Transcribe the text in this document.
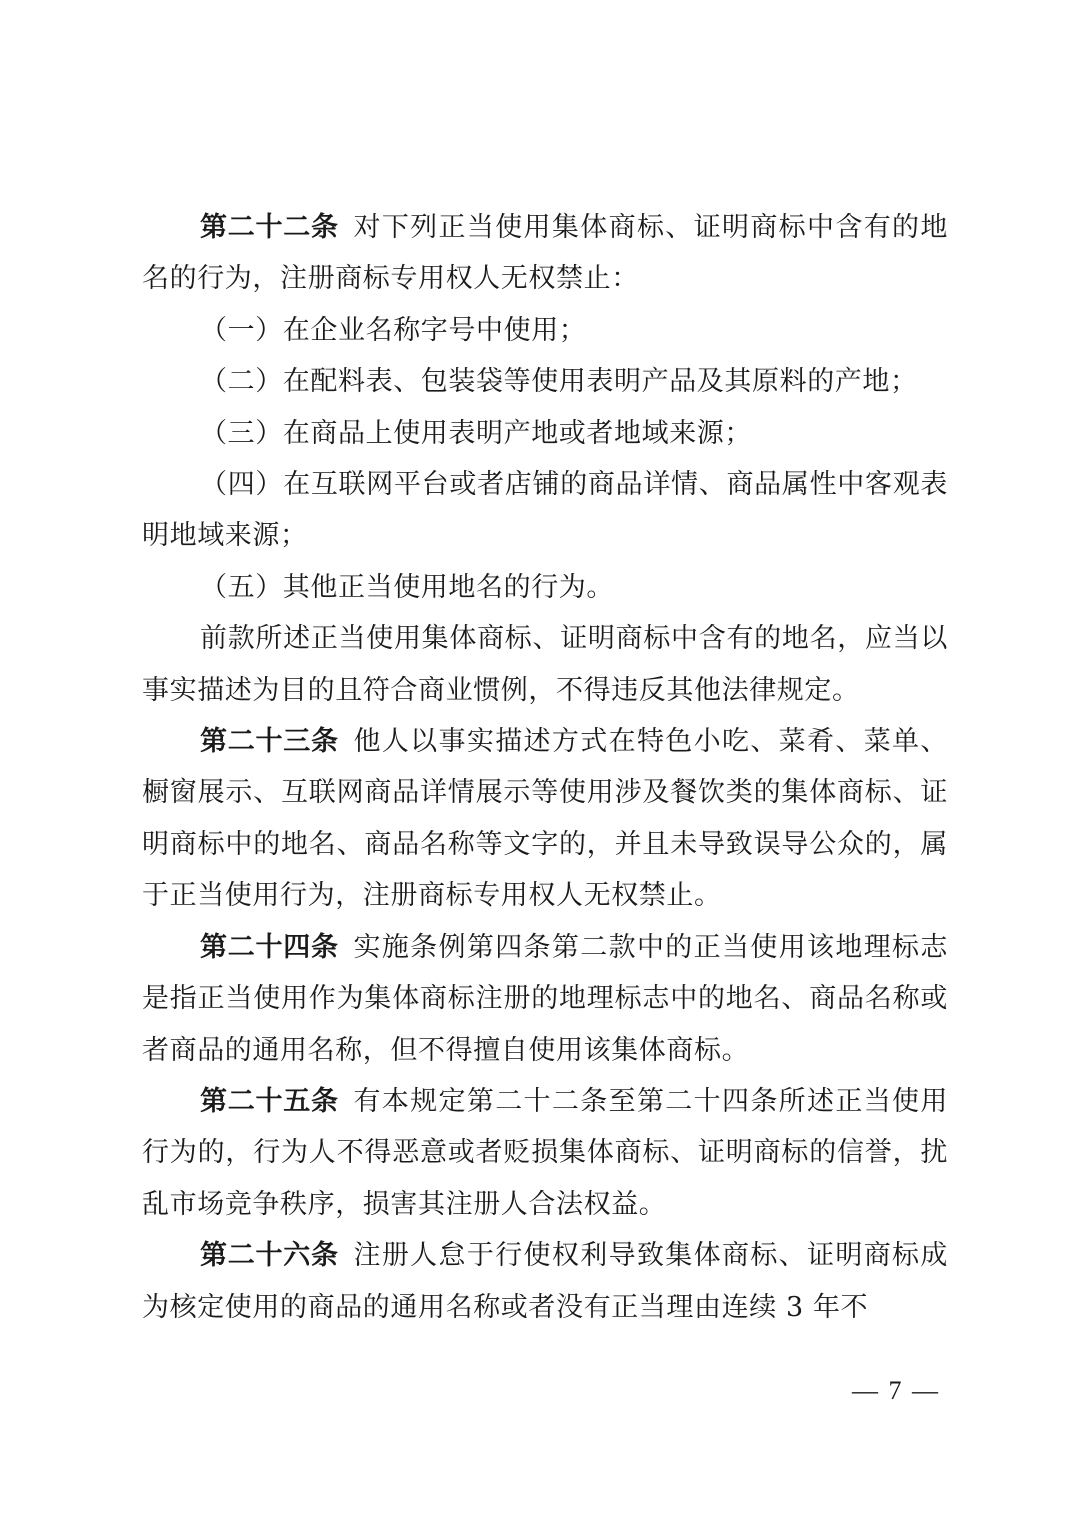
第二十二条 对下列正当使用集体商标、证明商标中含有的地名的行为，注册商标专用权人无权禁止：

（一）在企业名称字号中使用；

（二）在配料表、包装袋等使用表明产品及其原料的产地；

（三）在商品上使用表明产地或者地域来源；

（四）在互联网平台或者店铺的商品详情、商品属性中客观表明地域来源；

（五）其他正当使用地名的行为。

前款所述正当使用集体商标、证明商标中含有的地名，应当以事实描述为目的且符合商业惯例，不得违反其他法律规定。

第二十三条 他人以事实描述方式在特色小吃、菜肴、菜单、橱窗展示、互联网商品详情展示等使用涉及餐饮类的集体商标、证明商标中的地名、商品名称等文字的，并且未导致误导公众的，属于正当使用行为，注册商标专用权人无权禁止。

第二十四条 实施条例第四条第二款中的正当使用该地理标志是指正当使用作为集体商标注册的地理标志中的地名、商品名称或者商品的通用名称，但不得擅自使用该集体商标。

第二十五条 有本规定第二十二条至第二十四条所述正当使用行为的，行为人不得恶意或者贬损集体商标、证明商标的信誉，扰乱市场竞争秩序，损害其注册人合法权益。

第二十六条 注册人怠于行使权利导致集体商标、证明商标成为核定使用的商品的通用名称或者没有正当理由连续 3 年不

— 7 —
